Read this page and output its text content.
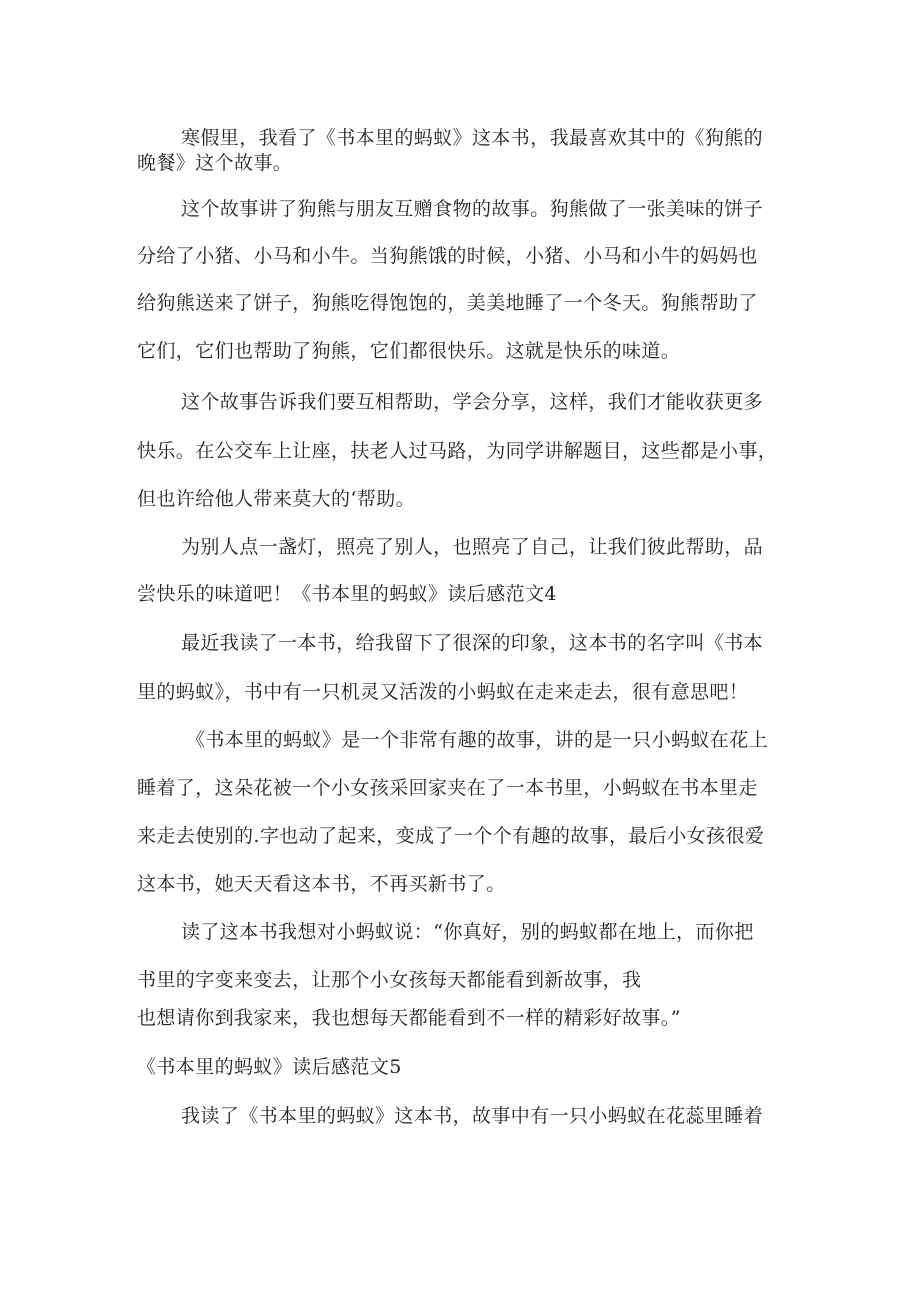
寒假里，我看了《书本里的蚂蚁》这本书，我最喜欢其中的《狗熊的
晚餐》这个故事。
这个故事讲了狗熊与朋友互赠食物的故事。狗熊做了一张美味的饼子
分给了小猪、小马和小牛。当狗熊饿的时候，小猪、小马和小牛的妈妈也
给狗熊送来了饼子，狗熊吃得饱饱的，美美地睡了一个冬天。狗熊帮助了
它们，它们也帮助了狗熊，它们都很快乐。这就是快乐的味道。
这个故事告诉我们要互相帮助，学会分享，这样，我们才能收获更多
快乐。在公交车上让座，扶老人过马路，为同学讲解题目，这些都是小事，
但也许给他人带来莫大的‘帮助。
为别人点一盏灯，照亮了别人，也照亮了自己，让我们彼此帮助，品
尝快乐的味道吧！《书本里的蚂蚁》读后感范文4
最近我读了一本书，给我留下了很深的印象，这本书的名字叫《书本
里的蚂蚁》，书中有一只机灵又活泼的小蚂蚁在走来走去，很有意思吧！
《书本里的蚂蚁》是一个非常有趣的故事，讲的是一只小蚂蚁在花上
睡着了，这朵花被一个小女孩采回家夹在了一本书里，小蚂蚁在书本里走
来走去使别的.字也动了起来，变成了一个个有趣的故事，最后小女孩很爱
这本书，她天天看这本书，不再买新书了。
读了这本书我想对小蚂蚁说：“你真好，别的蚂蚁都在地上，而你把
书里的字变来变去，让那个小女孩每天都能看到新故事，我
也想请你到我家来，我也想每天都能看到不一样的精彩好故事。”
《书本里的蚂蚁》读后感范文5
我读了《书本里的蚂蚁》这本书，故事中有一只小蚂蚁在花蕊里睡着
